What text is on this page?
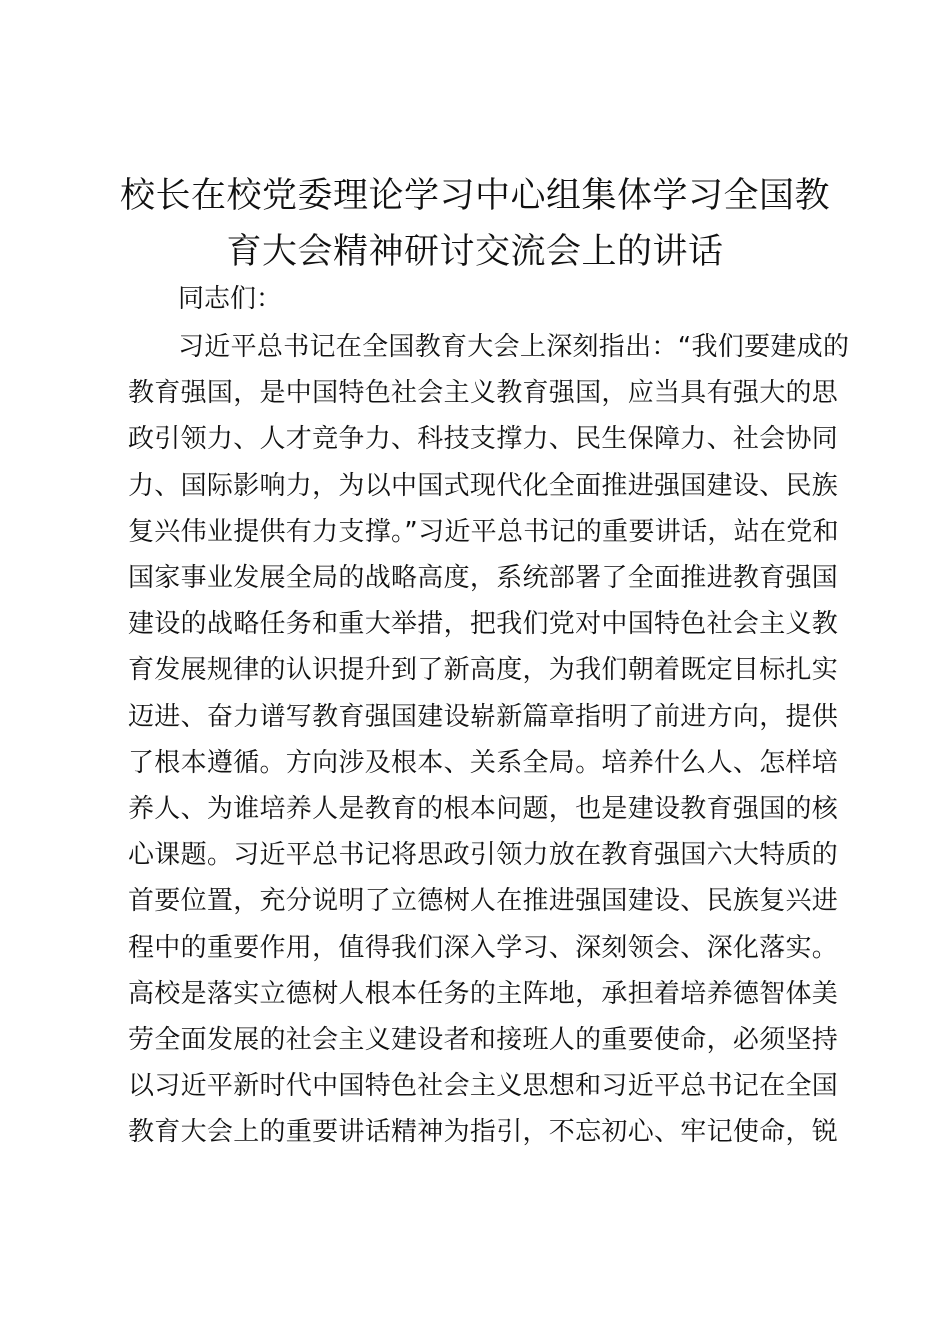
校长在校党委理论学习中心组集体学习全国教
育大会精神研讨交流会上的讲话

同志们：

习近平总书记在全国教育大会上深刻指出：“我们要建成的
教育强国，是中国特色社会主义教育强国，应当具有强大的思
政引领力、人才竞争力、科技支撑力、民生保障力、社会协同
力、国际影响力，为以中国式现代化全面推进强国建设、民族
复兴伟业提供有力支撑。”习近平总书记的重要讲话，站在党和
国家事业发展全局的战略高度，系统部署了全面推进教育强国
建设的战略任务和重大举措，把我们党对中国特色社会主义教
育发展规律的认识提升到了新高度，为我们朝着既定目标扎实
迈进、奋力谱写教育强国建设崭新篇章指明了前进方向，提供
了根本遵循。方向涉及根本、关系全局。培养什么人、怎样培
养人、为谁培养人是教育的根本问题，也是建设教育强国的核
心课题。习近平总书记将思政引领力放在教育强国六大特质的
首要位置，充分说明了立德树人在推进强国建设、民族复兴进
程中的重要作用，值得我们深入学习、深刻领会、深化落实。
高校是落实立德树人根本任务的主阵地，承担着培养德智体美
劳全面发展的社会主义建设者和接班人的重要使命，必须坚持
以习近平新时代中国特色社会主义思想和习近平总书记在全国
教育大会上的重要讲话精神为指引，不忘初心、牢记使命，锐
